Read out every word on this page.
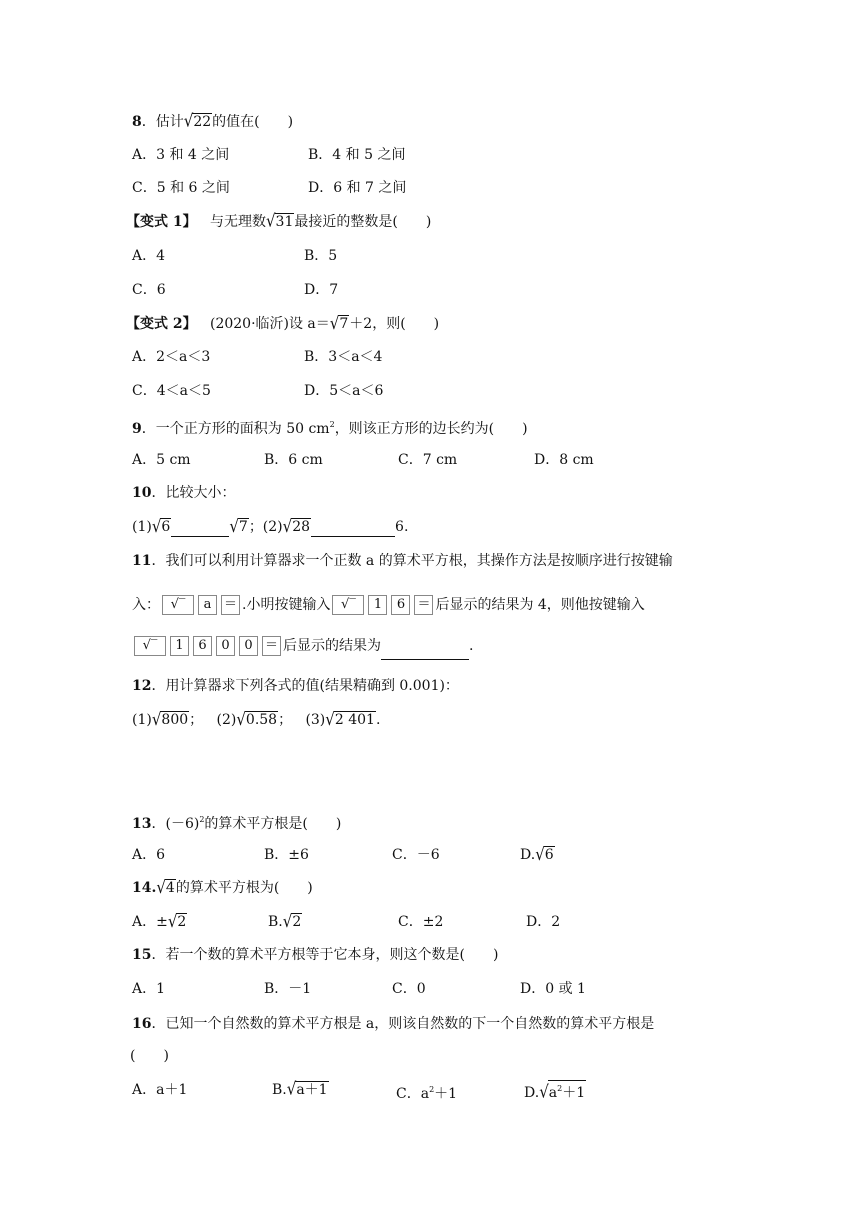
8．估计√22的值在(　　)
A．3 和 4 之间	B．4 和 5 之间
C．5 和 6 之间	D．6 和 7 之间
【变式 1】 与无理数√31最接近的整数是(　　)
A．4	B．5
C．6	D．7
【变式 2】 (2020·临沂)设 a＝√7＋2，则(　　)
A．2＜a＜3	B．3＜a＜4
C．4＜a＜5	D．5＜a＜6
9．一个正方形的面积为 50 $cm^2$，则该正方形的边长约为(　　)
A．5 cm	B．6 cm	C．7 cm	D．8 cm
10．比较大小：
(1)√6	√7；(2)√28	6.
11．我们可以利用计算器求一个正数 a 的算术平方根，其操作方法是按顺序进行按键输
入： √‾ a ＝ .小明按键输入 √‾ 1 6 ＝ 后显示的结果为 4，则他按键输入
√‾ 1 6 0 0 ＝ 后显示的结果为	.
12．用计算器求下列各式的值(结果精确到 0.001)：
(1)√800； (2)√0.58； (3)√2 401.
13．$(-6)^2$的算术平方根是(　　)
A．6	B．±6	C．－6	D.√6
14.√4的算术平方根为(　　)
A．±√2	B.√2	C．±2	D．2
15．若一个数的算术平方根等于它本身，则这个数是(　　)
A．1	B．－1	C．0	D．0 或 1
16．已知一个自然数的算术平方根是 a，则该自然数的下一个自然数的算术平方根是
(　　)
A．a＋1	B.√a＋1	C．$a^2+1$	$D.√a^2+1$
